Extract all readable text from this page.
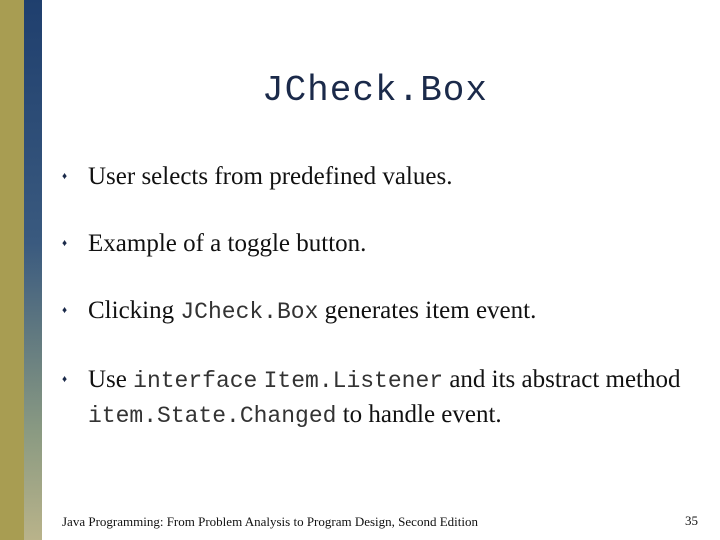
JCheck.Box
♦ User selects from predefined values.
♦ Example of a toggle button.
♦ Clicking JCheck.Box generates item event.
♦ Use interface Item.Listener and its abstract method item.State.Changed to handle event.
Java Programming: From Problem Analysis to Program Design, Second Edition	35
